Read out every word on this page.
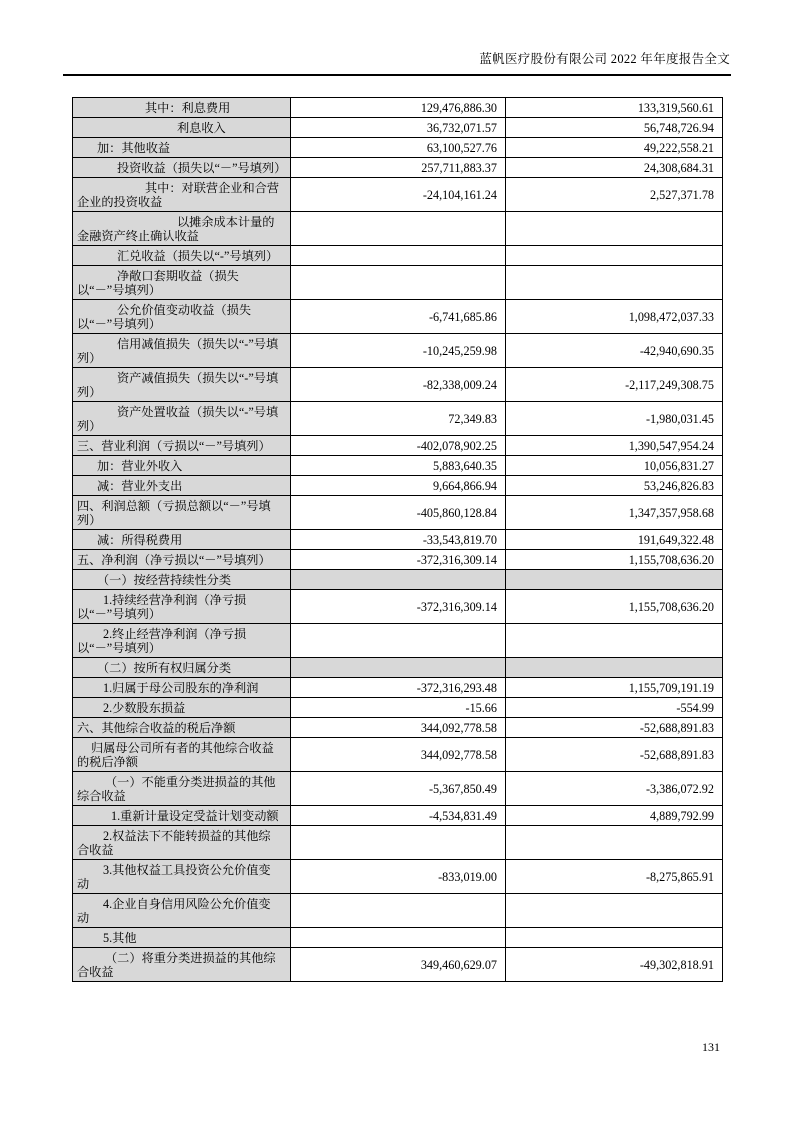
蓝帆医疗股份有限公司 2022 年年度报告全文
其中：利息费用	129,476,886.30	133,319,560.61
利息收入	36,732,071.57	56,748,726.94
加：其他收益	63,100,527.76	49,222,558.21
投资收益（损失以“－”号填列）	257,711,883.37	24,308,684.31
其中：对联营企业和合营企业的投资收益	-24,104,161.24	2,527,371.78
以摊余成本计量的金融资产终止确认收益		
汇兑收益（损失以“-”号填列）		
净敞口套期收益（损失以“－”号填列）		
公允价值变动收益（损失以“－”号填列）	-6,741,685.86	1,098,472,037.33
信用减值损失（损失以“-”号填列）	-10,245,259.98	-42,940,690.35
资产减值损失（损失以“-”号填列）	-82,338,009.24	-2,117,249,308.75
资产处置收益（损失以“-”号填列）	72,349.83	-1,980,031.45
三、营业利润（亏损以“－”号填列）	-402,078,902.25	1,390,547,954.24
加：营业外收入	5,883,640.35	10,056,831.27
减：营业外支出	9,664,866.94	53,246,826.83
四、利润总额（亏损总额以“－”号填列）	-405,860,128.84	1,347,357,958.68
减：所得税费用	-33,543,819.70	191,649,322.48
五、净利润（净亏损以“－”号填列）	-372,316,309.14	1,155,708,636.20
（一）按经营持续性分类		
1.持续经营净利润（净亏损以“－”号填列）	-372,316,309.14	1,155,708,636.20
2.终止经营净利润（净亏损以“－”号填列）		
（二）按所有权归属分类		
1.归属于母公司股东的净利润	-372,316,293.48	1,155,709,191.19
2.少数股东损益	-15.66	-554.99
六、其他综合收益的税后净额	344,092,778.58	-52,688,891.83
归属母公司所有者的其他综合收益的税后净额	344,092,778.58	-52,688,891.83
（一）不能重分类进损益的其他综合收益	-5,367,850.49	-3,386,072.92
1.重新计量设定受益计划变动额	-4,534,831.49	4,889,792.99
2.权益法下不能转损益的其他综合收益		
3.其他权益工具投资公允价值变动	-833,019.00	-8,275,865.91
4.企业自身信用风险公允价值变动		
5.其他		
（二）将重分类进损益的其他综合收益	349,460,629.07	-49,302,818.91
131
